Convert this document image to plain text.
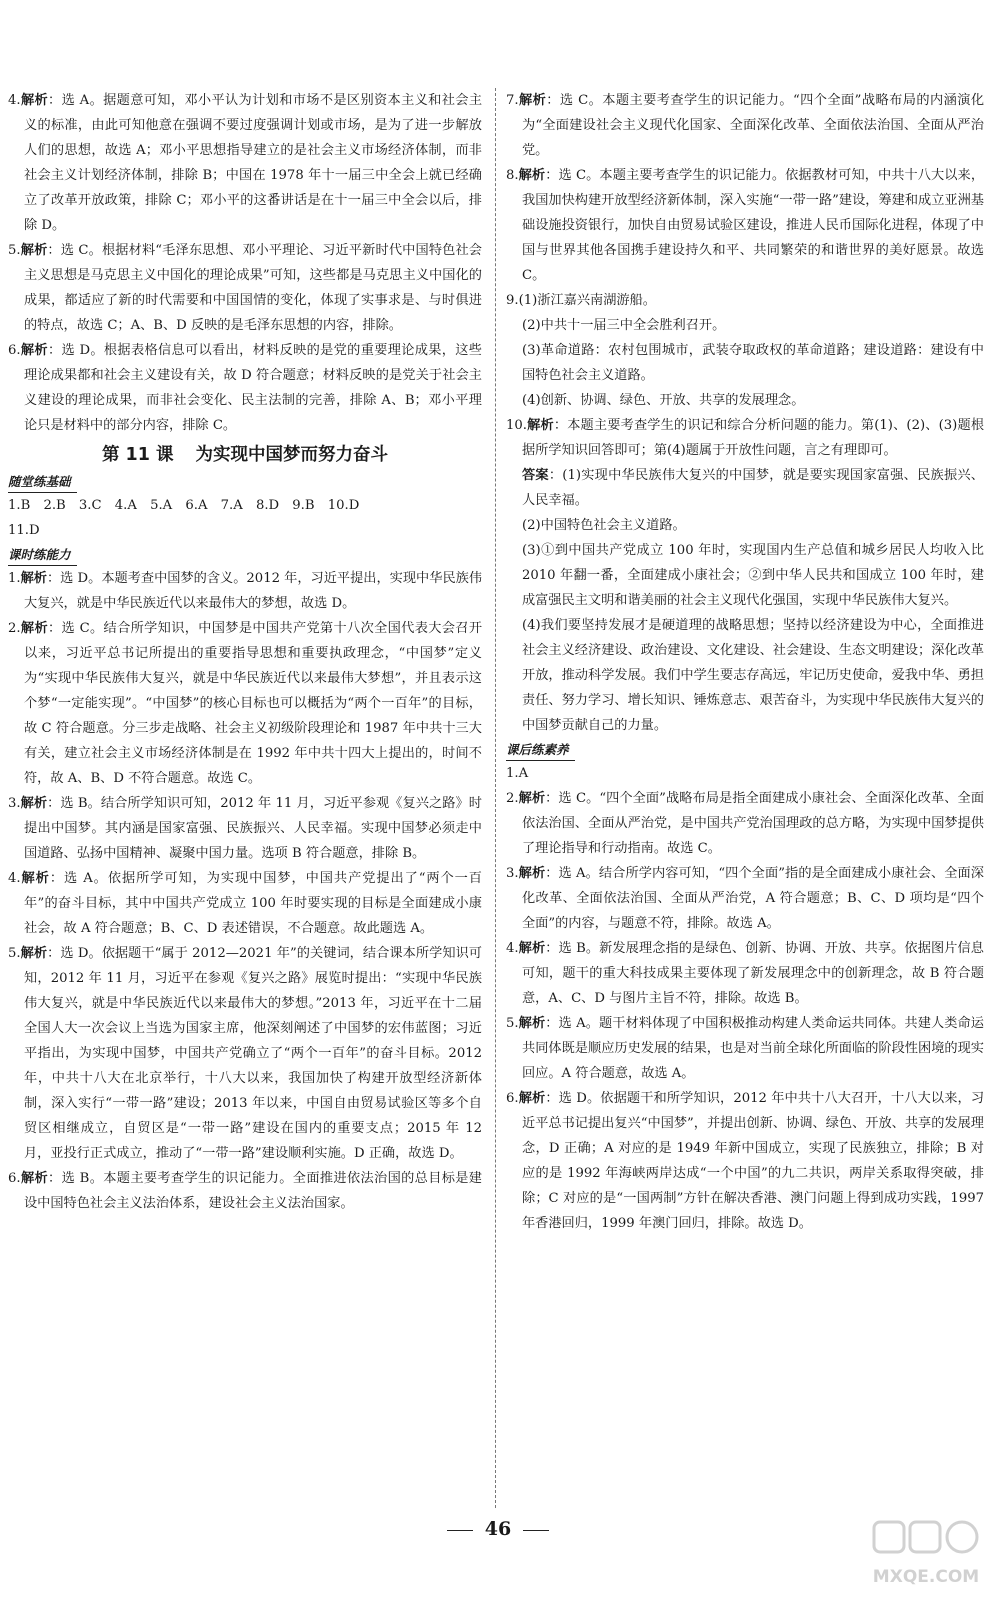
4.解析：选 A。据题意可知，邓小平认为计划和市场不是区别资本主义和社会主义的标准，由此可知他意在强调不要过度强调计划或市场，是为了进一步解放人们的思想，故选 A；邓小平思想指导建立的是社会主义市场经济体制，而非社会主义计划经济体制，排除 B；中国在 1978 年十一届三中全会上就已经确立了改革开放政策，排除 C；邓小平的这番讲话是在十一届三中全会以后，排除 D。

5.解析：选 C。根据材料“毛泽东思想、邓小平理论、习近平新时代中国特色社会主义思想是马克思主义中国化的理论成果”可知，这些都是马克思主义中国化的成果，都适应了新的时代需要和中国国情的变化，体现了实事求是、与时俱进的特点，故选 C；A、B、D 反映的是毛泽东思想的内容，排除。

6.解析：选 D。根据表格信息可以看出，材料反映的是党的重要理论成果，这些理论成果都和社会主义建设有关，故 D 符合题意；材料反映的是党关于社会主义建设的理论成果，而非社会变化、民主法制的完善，排除 A、B；邓小平理论只是材料中的部分内容，排除 C。

第 11 课 为实现中国梦而努力奋斗
随堂练基础
1.B　2.B　3.C　4.A　5.A　6.A　7.A　8.D　9.B　10.D
11.D
课时练能力

1.解析：选 D。本题考查中国梦的含义。2012 年，习近平提出，实现中华民族伟大复兴，就是中华民族近代以来最伟大的梦想，故选 D。

2.解析：选 C。结合所学知识，中国梦是中国共产党第十八次全国代表大会召开以来，习近平总书记所提出的重要指导思想和重要执政理念，“中国梦”定义为“实现中华民族伟大复兴，就是中华民族近代以来最伟大梦想”，并且表示这个梦“一定能实现”。“中国梦”的核心目标也可以概括为“两个一百年”的目标，故 C 符合题意。分三步走战略、社会主义初级阶段理论和 1987 年中共十三大有关，建立社会主义市场经济体制是在 1992 年中共十四大上提出的，时间不符，故 A、B、D 不符合题意。故选 C。

3.解析：选 B。结合所学知识可知，2012 年 11 月，习近平参观《复兴之路》时提出中国梦。其内涵是国家富强、民族振兴、人民幸福。实现中国梦必须走中国道路、弘扬中国精神、凝聚中国力量。选项 B 符合题意，排除 B。

4.解析：选 A。依据所学可知，为实现中国梦，中国共产党提出了“两个一百年”的奋斗目标，其中中国共产党成立 100 年时要实现的目标是全面建成小康社会，故 A 符合题意；B、C、D 表述错误，不合题意。故此题选 A。

5.解析：选 D。依据题干“属于 2012—2021 年”的关键词，结合课本所学知识可知，2012 年 11 月，习近平在参观《复兴之路》展览时提出：“实现中华民族伟大复兴，就是中华民族近代以来最伟大的梦想。”2013 年，习近平在十二届全国人大一次会议上当选为国家主席，他深刻阐述了中国梦的宏伟蓝图；习近平指出，为实现中国梦，中国共产党确立了“两个一百年”的奋斗目标。2012 年，中共十八大在北京举行，十八大以来，我国加快了构建开放型经济新体制，深入实行“一带一路”建设；2013 年以来，中国自由贸易试验区等多个自贸区相继成立，自贸区是“一带一路”建设在国内的重要支点；2015 年 12 月，亚投行正式成立，推动了“一带一路”建设顺利实施。D 正确，故选 D。

6.解析：选 B。本题主要考查学生的识记能力。全面推进依法治国的总目标是建设中国特色社会主义法治体系，建设社会主义法治国家。

7.解析：选 C。本题主要考查学生的识记能力。“四个全面”战略布局的内涵演化为“全面建设社会主义现代化国家、全面深化改革、全面依法治国、全面从严治党。

8.解析：选 C。本题主要考查学生的识记能力。依据教材可知，中共十八大以来，我国加快构建开放型经济新体制，深入实施“一带一路”建设，筹建和成立亚洲基础设施投资银行，加快自由贸易试验区建设，推进人民币国际化进程，体现了中国与世界其他各国携手建设持久和平、共同繁荣的和谐世界的美好愿景。故选 C。

9.(1)浙江嘉兴南湖游船。

(2)中共十一届三中全会胜利召开。

(3)革命道路：农村包围城市，武装夺取政权的革命道路；建设道路：建设有中国特色社会主义道路。

(4)创新、协调、绿色、开放、共享的发展理念。

10.解析：本题主要考查学生的识记和综合分析问题的能力。第(1)、(2)、(3)题根据所学知识回答即可；第(4)题属于开放性问题，言之有理即可。

答案：(1)实现中华民族伟大复兴的中国梦，就是要实现国家富强、民族振兴、人民幸福。

(2)中国特色社会主义道路。

(3)①到中国共产党成立 100 年时，实现国内生产总值和城乡居民人均收入比 2010 年翻一番，全面建成小康社会；②到中华人民共和国成立 100 年时，建成富强民主文明和谐美丽的社会主义现代化强国，实现中华民族伟大复兴。

(4)我们要坚持发展才是硬道理的战略思想；坚持以经济建设为中心，全面推进社会主义经济建设、政治建设、文化建设、社会建设、生态文明建设；深化改革开放，推动科学发展。我们中学生要志存高远，牢记历史使命，爱我中华、勇担责任、努力学习、增长知识、锤炼意志、艰苦奋斗，为实现中华民族伟大复兴的中国梦贡献自己的力量。

课后练素养

1.A

2.解析：选 C。“四个全面”战略布局是指全面建成小康社会、全面深化改革、全面依法治国、全面从严治党，是中国共产党治国理政的总方略，为实现中国梦提供了理论指导和行动指南。故选 C。

3.解析：选 A。结合所学内容可知，“四个全面”指的是全面建成小康社会、全面深化改革、全面依法治国、全面从严治党，A 符合题意；B、C、D 项均是“四个全面”的内容，与题意不符，排除。故选 A。

4.解析：选 B。新发展理念指的是绿色、创新、协调、开放、共享。依据图片信息可知，题干的重大科技成果主要体现了新发展理念中的创新理念，故 B 符合题意，A、C、D 与图片主旨不符，排除。故选 B。

5.解析：选 A。题干材料体现了中国积极推动构建人类命运共同体。共建人类命运共同体既是顺应历史发展的结果，也是对当前全球化所面临的阶段性困境的现实回应。A 符合题意，故选 A。

6.解析：选 D。依据题干和所学知识，2012 年中共十八大召开，十八大以来，习近平总书记提出复兴“中国梦”，并提出创新、协调、绿色、开放、共享的发展理念，D 正确；A 对应的是 1949 年新中国成立，实现了民族独立，排除；B 对应的是 1992 年海峡两岸达成“一个中国”的九二共识，两岸关系取得突破，排除；C 对应的是“一国两制”方针在解决香港、澳门问题上得到成功实践，1997 年香港回归，1999 年澳门回归，排除。故选 D。

46
MXQE.COM
